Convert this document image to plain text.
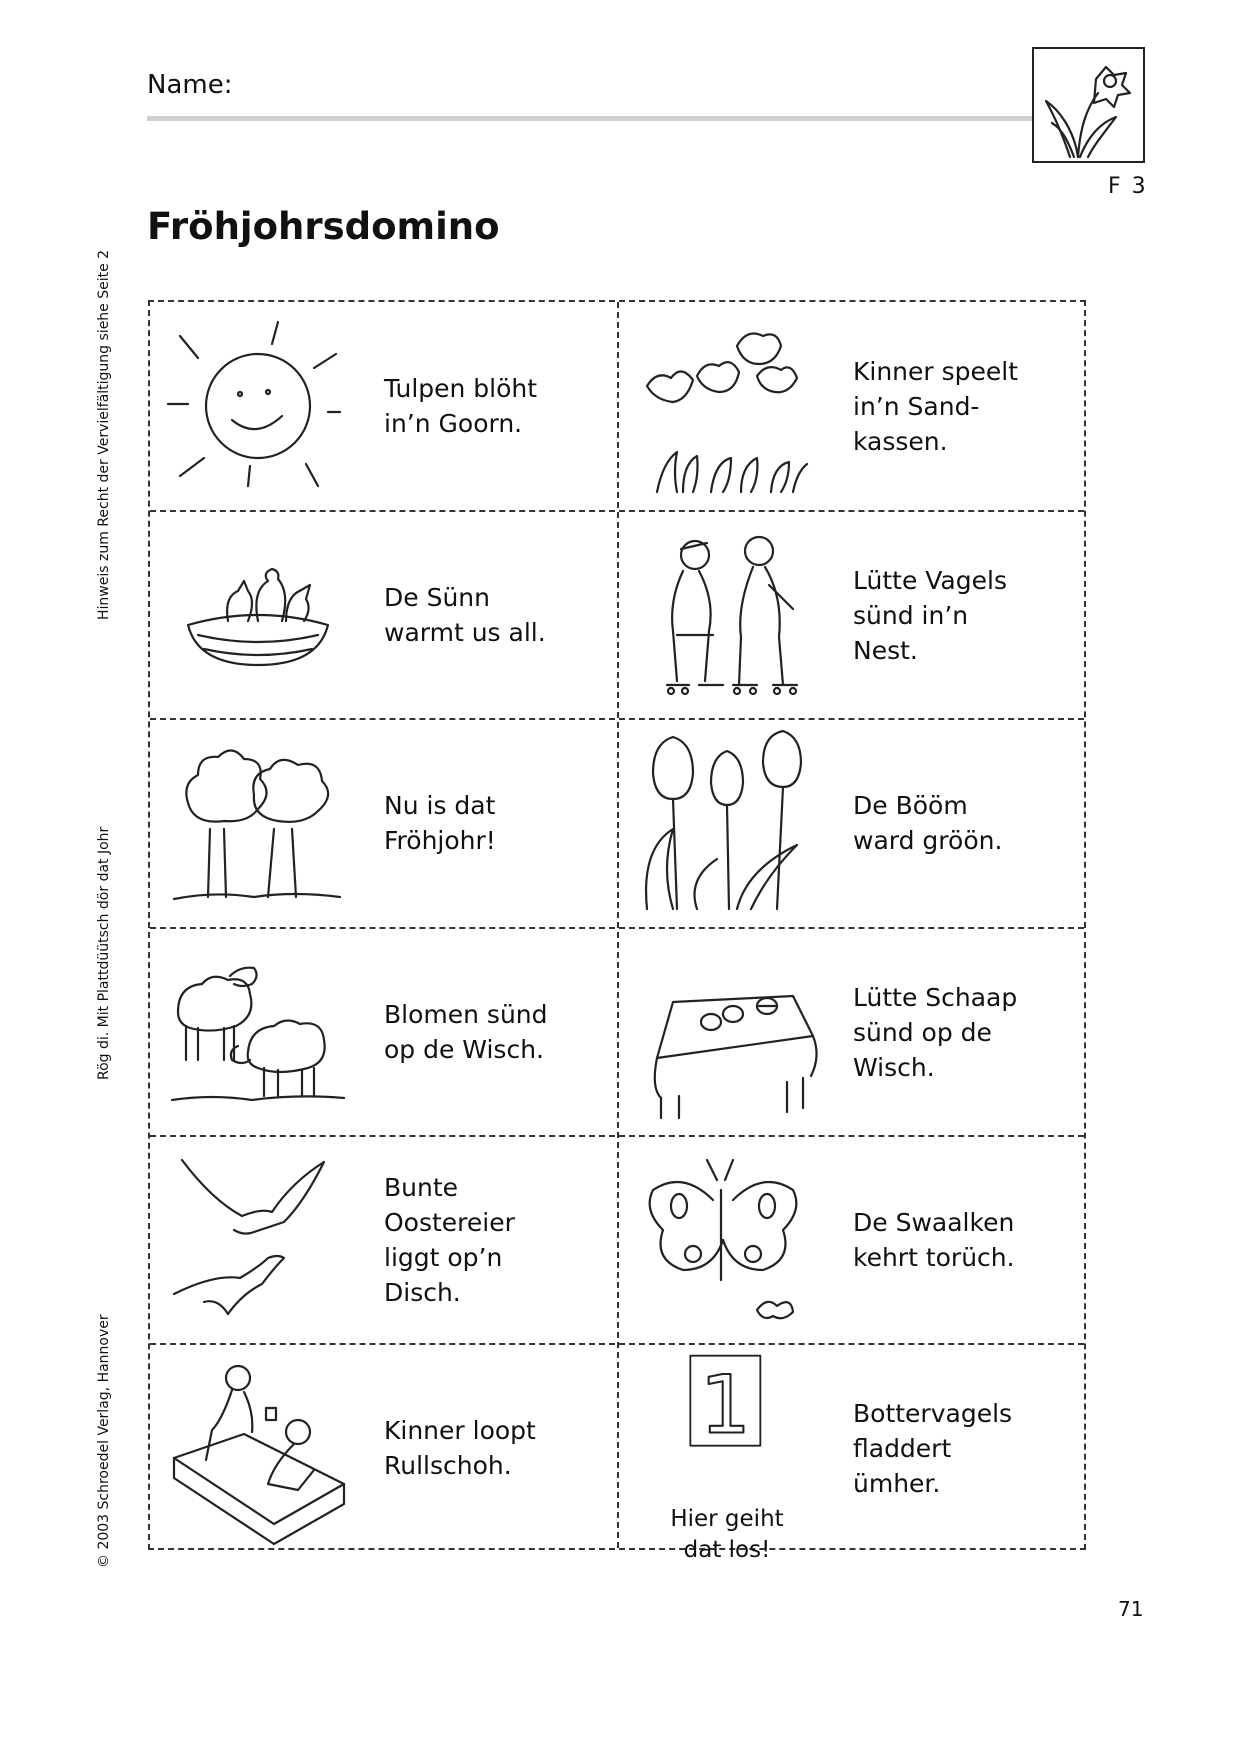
Name:
F 3
Fröhjohrsdomino
Hinweis zum Recht der Vervielfältigung siehe Seite 2
Rög di. Mit Plattdüütsch dör dat Johr
© 2003 Schroedel Verlag, Hannover
Tulpen blöht
in’n Goorn.
Kinner speelt
in’n Sand-
kassen.
De Sünn
warmt us all.
Lütte Vagels
sünd in’n
Nest.
Nu is dat
Fröhjohr!
De Bööm
ward gröön.
Blomen sünd
op de Wisch.
Lütte Schaap
sünd op de
Wisch.
Bunte
Oostereier
liggt op’n
Disch.
De Swaalken
kehrt torüch.
Kinner loopt
Rullschoh.
1
Hier geiht
dat los!
Bottervagels
fladdert
ümher.
71
